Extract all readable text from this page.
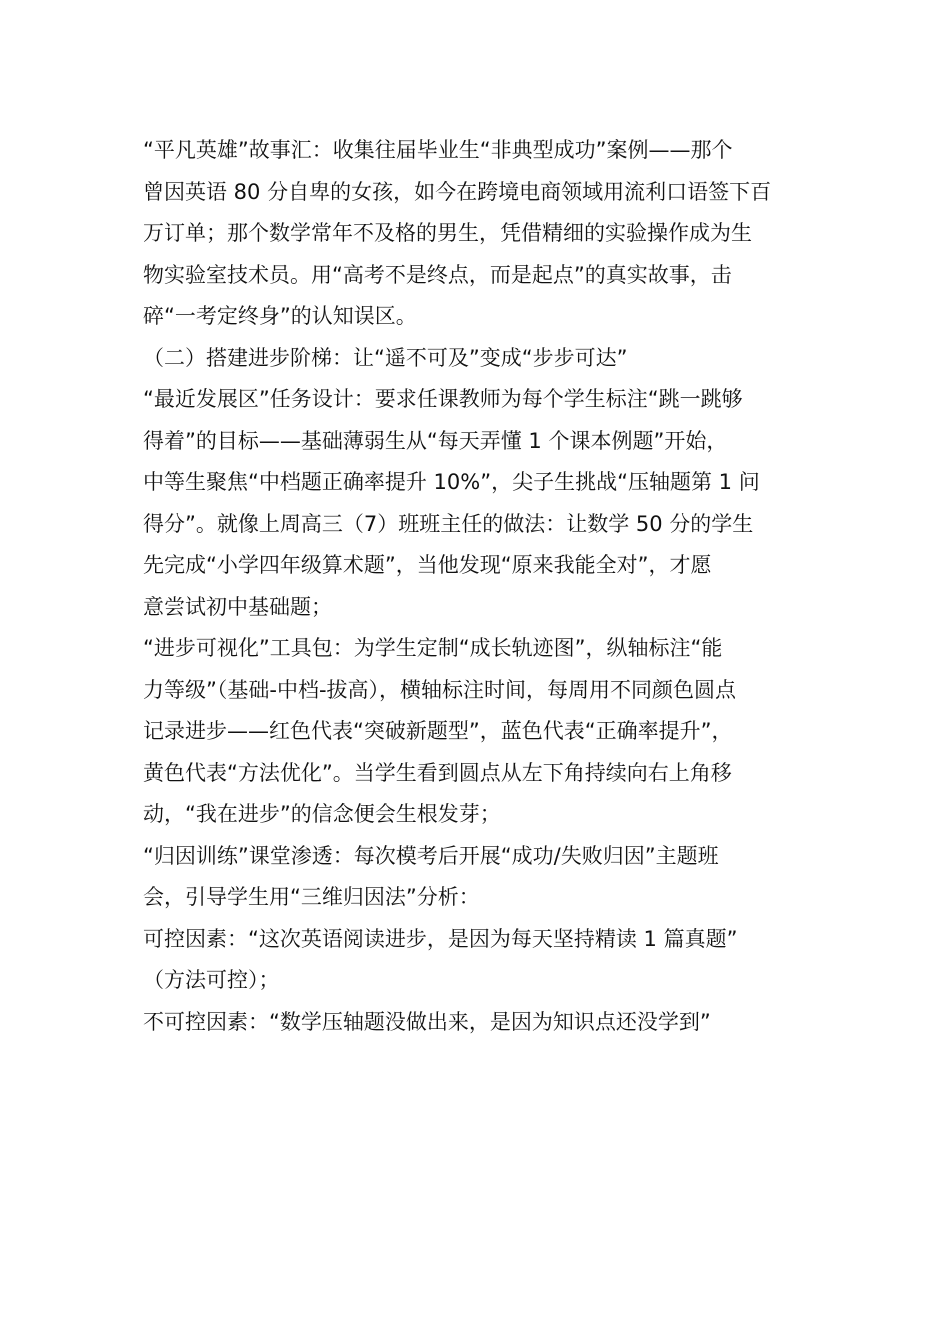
“平凡英雄”故事汇：收集往届毕业生“非典型成功”案例——那个
曾因英语 80 分自卑的女孩，如今在跨境电商领域用流利口语签下百
万订单；那个数学常年不及格的男生，凭借精细的实验操作成为生
物实验室技术员。用“高考不是终点，而是起点”的真实故事，击
碎“一考定终身”的认知误区。
（二）搭建进步阶梯：让“遥不可及”变成“步步可达”
“最近发展区”任务设计：要求任课教师为每个学生标注“跳一跳够
得着”的目标——基础薄弱生从“每天弄懂 1 个课本例题”开始，
中等生聚焦“中档题正确率提升 10%”，尖子生挑战“压轴题第 1 问
得分”。就像上周高三（7）班班主任的做法：让数学 50 分的学生
先完成“小学四年级算术题”，当他发现“原来我能全对”，才愿
意尝试初中基础题；
“进步可视化”工具包：为学生定制“成长轨迹图”，纵轴标注“能
力等级”（基础-中档-拔高），横轴标注时间，每周用不同颜色圆点
记录进步——红色代表“突破新题型”，蓝色代表“正确率提升”，
黄色代表“方法优化”。当学生看到圆点从左下角持续向右上角移
动，“我在进步”的信念便会生根发芽；
“归因训练”课堂渗透：每次模考后开展“成功/失败归因”主题班
会，引导学生用“三维归因法”分析：
可控因素：“这次英语阅读进步，是因为每天坚持精读 1 篇真题”
（方法可控）；
不可控因素：“数学压轴题没做出来，是因为知识点还没学到”
